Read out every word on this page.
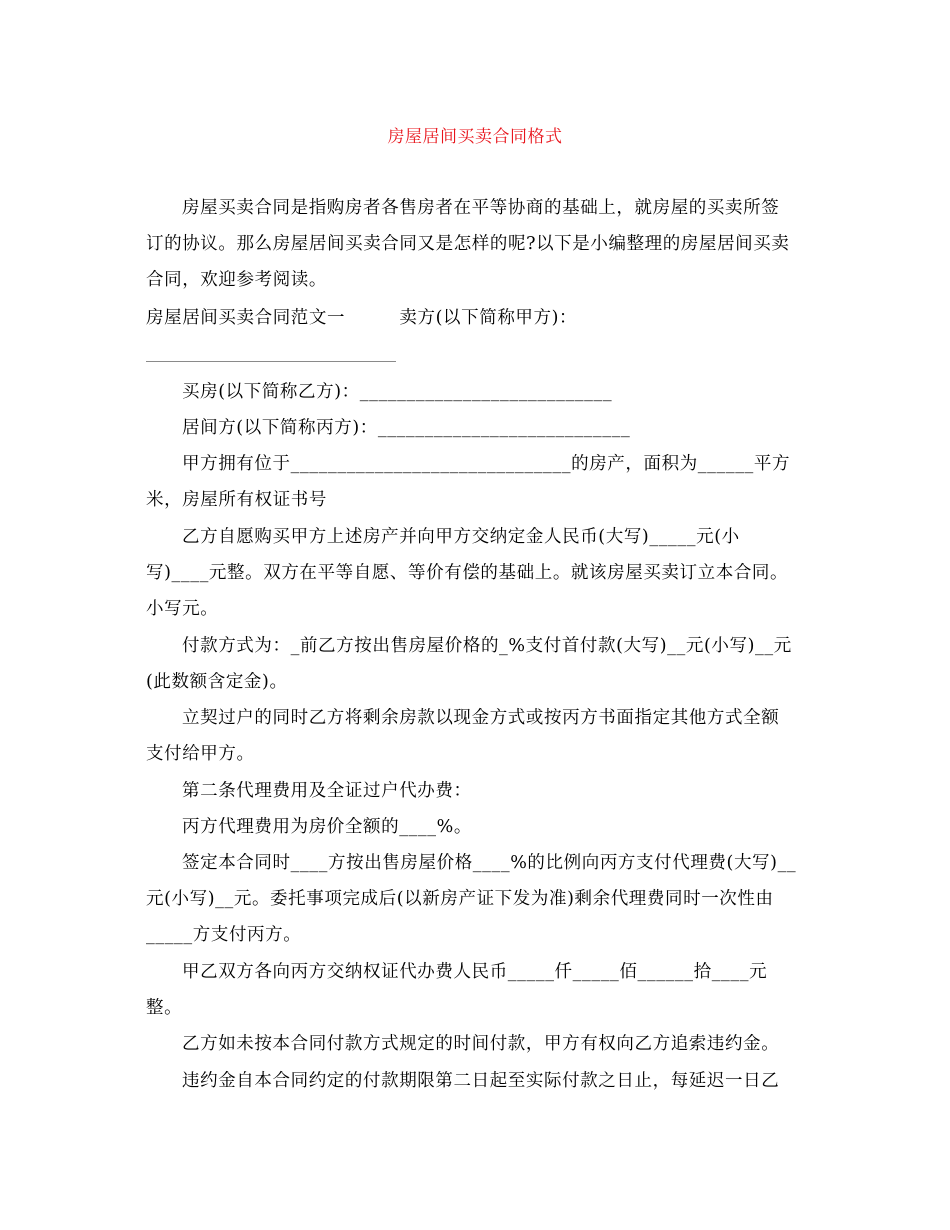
房屋居间买卖合同格式
房屋买卖合同是指购房者各售房者在平等协商的基础上，就房屋的买卖所签
订的协议。那么房屋居间买卖合同又是怎样的呢?以下是小编整理的房屋居间买卖
合同，欢迎参考阅读。
房屋居间买卖合同范文一　　　卖方(以下简称甲方)：
买房(以下简称乙方)：___________________________
居间方(以下简称丙方)：___________________________
甲方拥有位于______________________________的房产，面积为______平方
米，房屋所有权证书号
乙方自愿购买甲方上述房产并向甲方交纳定金人民币(大写)_____元(小
写)____元整。双方在平等自愿、等价有偿的基础上。就该房屋买卖订立本合同。
小写元。
付款方式为：_前乙方按出售房屋价格的_%支付首付款(大写)__元(小写)__元
(此数额含定金)。
立契过户的同时乙方将剩余房款以现金方式或按丙方书面指定其他方式全额
支付给甲方。
第二条代理费用及全证过户代办费：
丙方代理费用为房价全额的____%。
签定本合同时____方按出售房屋价格____%的比例向丙方支付代理费(大写)__
元(小写)__元。委托事项完成后(以新房产证下发为准)剩余代理费同时一次性由
_____方支付丙方。
甲乙双方各向丙方交纳权证代办费人民币_____仟_____佰______拾____元
整。
乙方如未按本合同付款方式规定的时间付款，甲方有权向乙方追索违约金。
违约金自本合同约定的付款期限第二日起至实际付款之日止，每延迟一日乙
